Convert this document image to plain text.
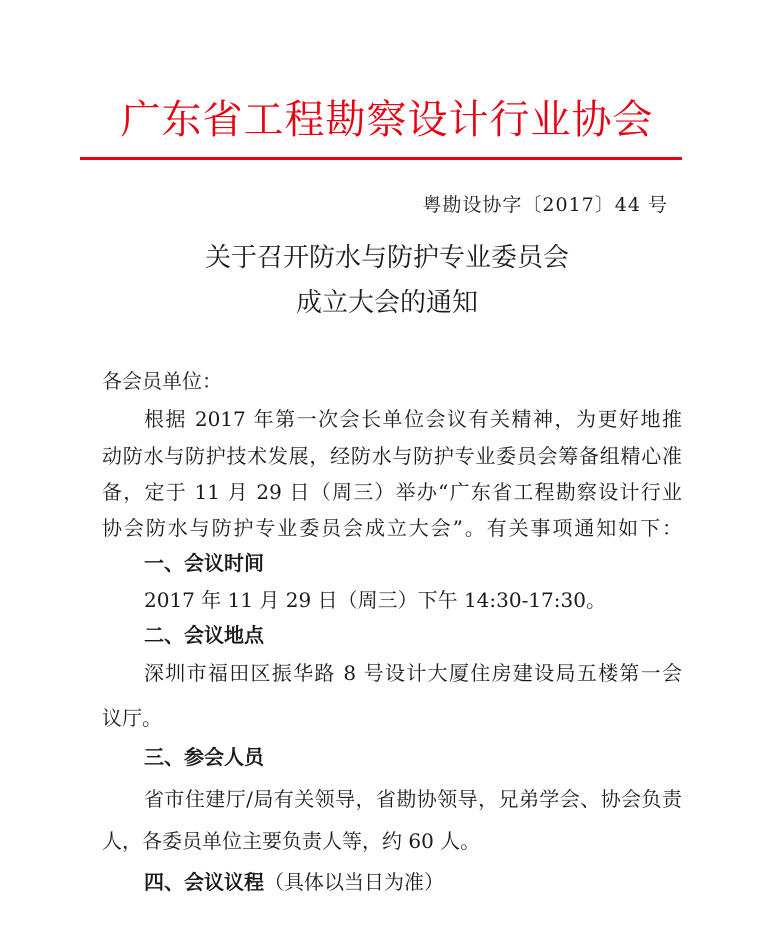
广东省工程勘察设计行业协会
粤勘设协字〔2017〕44 号
关于召开防水与防护专业委员会
成立大会的通知
各会员单位：
根据 2017 年第一次会长单位会议有关精神，为更好地推
动防水与防护技术发展，经防水与防护专业委员会筹备组精心准
备，定于 11 月 29 日（周三）举办“广东省工程勘察设计行业
协会防水与防护专业委员会成立大会”。有关事项通知如下：
一、会议时间
2017 年 11 月 29 日（周三）下午 14:30-17:30。
二、会议地点
深圳市福田区振华路 8 号设计大厦住房建设局五楼第一会
议厅。
三、参会人员
省市住建厅/局有关领导，省勘协领导，兄弟学会、协会负责
人，各委员单位主要负责人等，约 60 人。
四、会议议程（具体以当日为准）
